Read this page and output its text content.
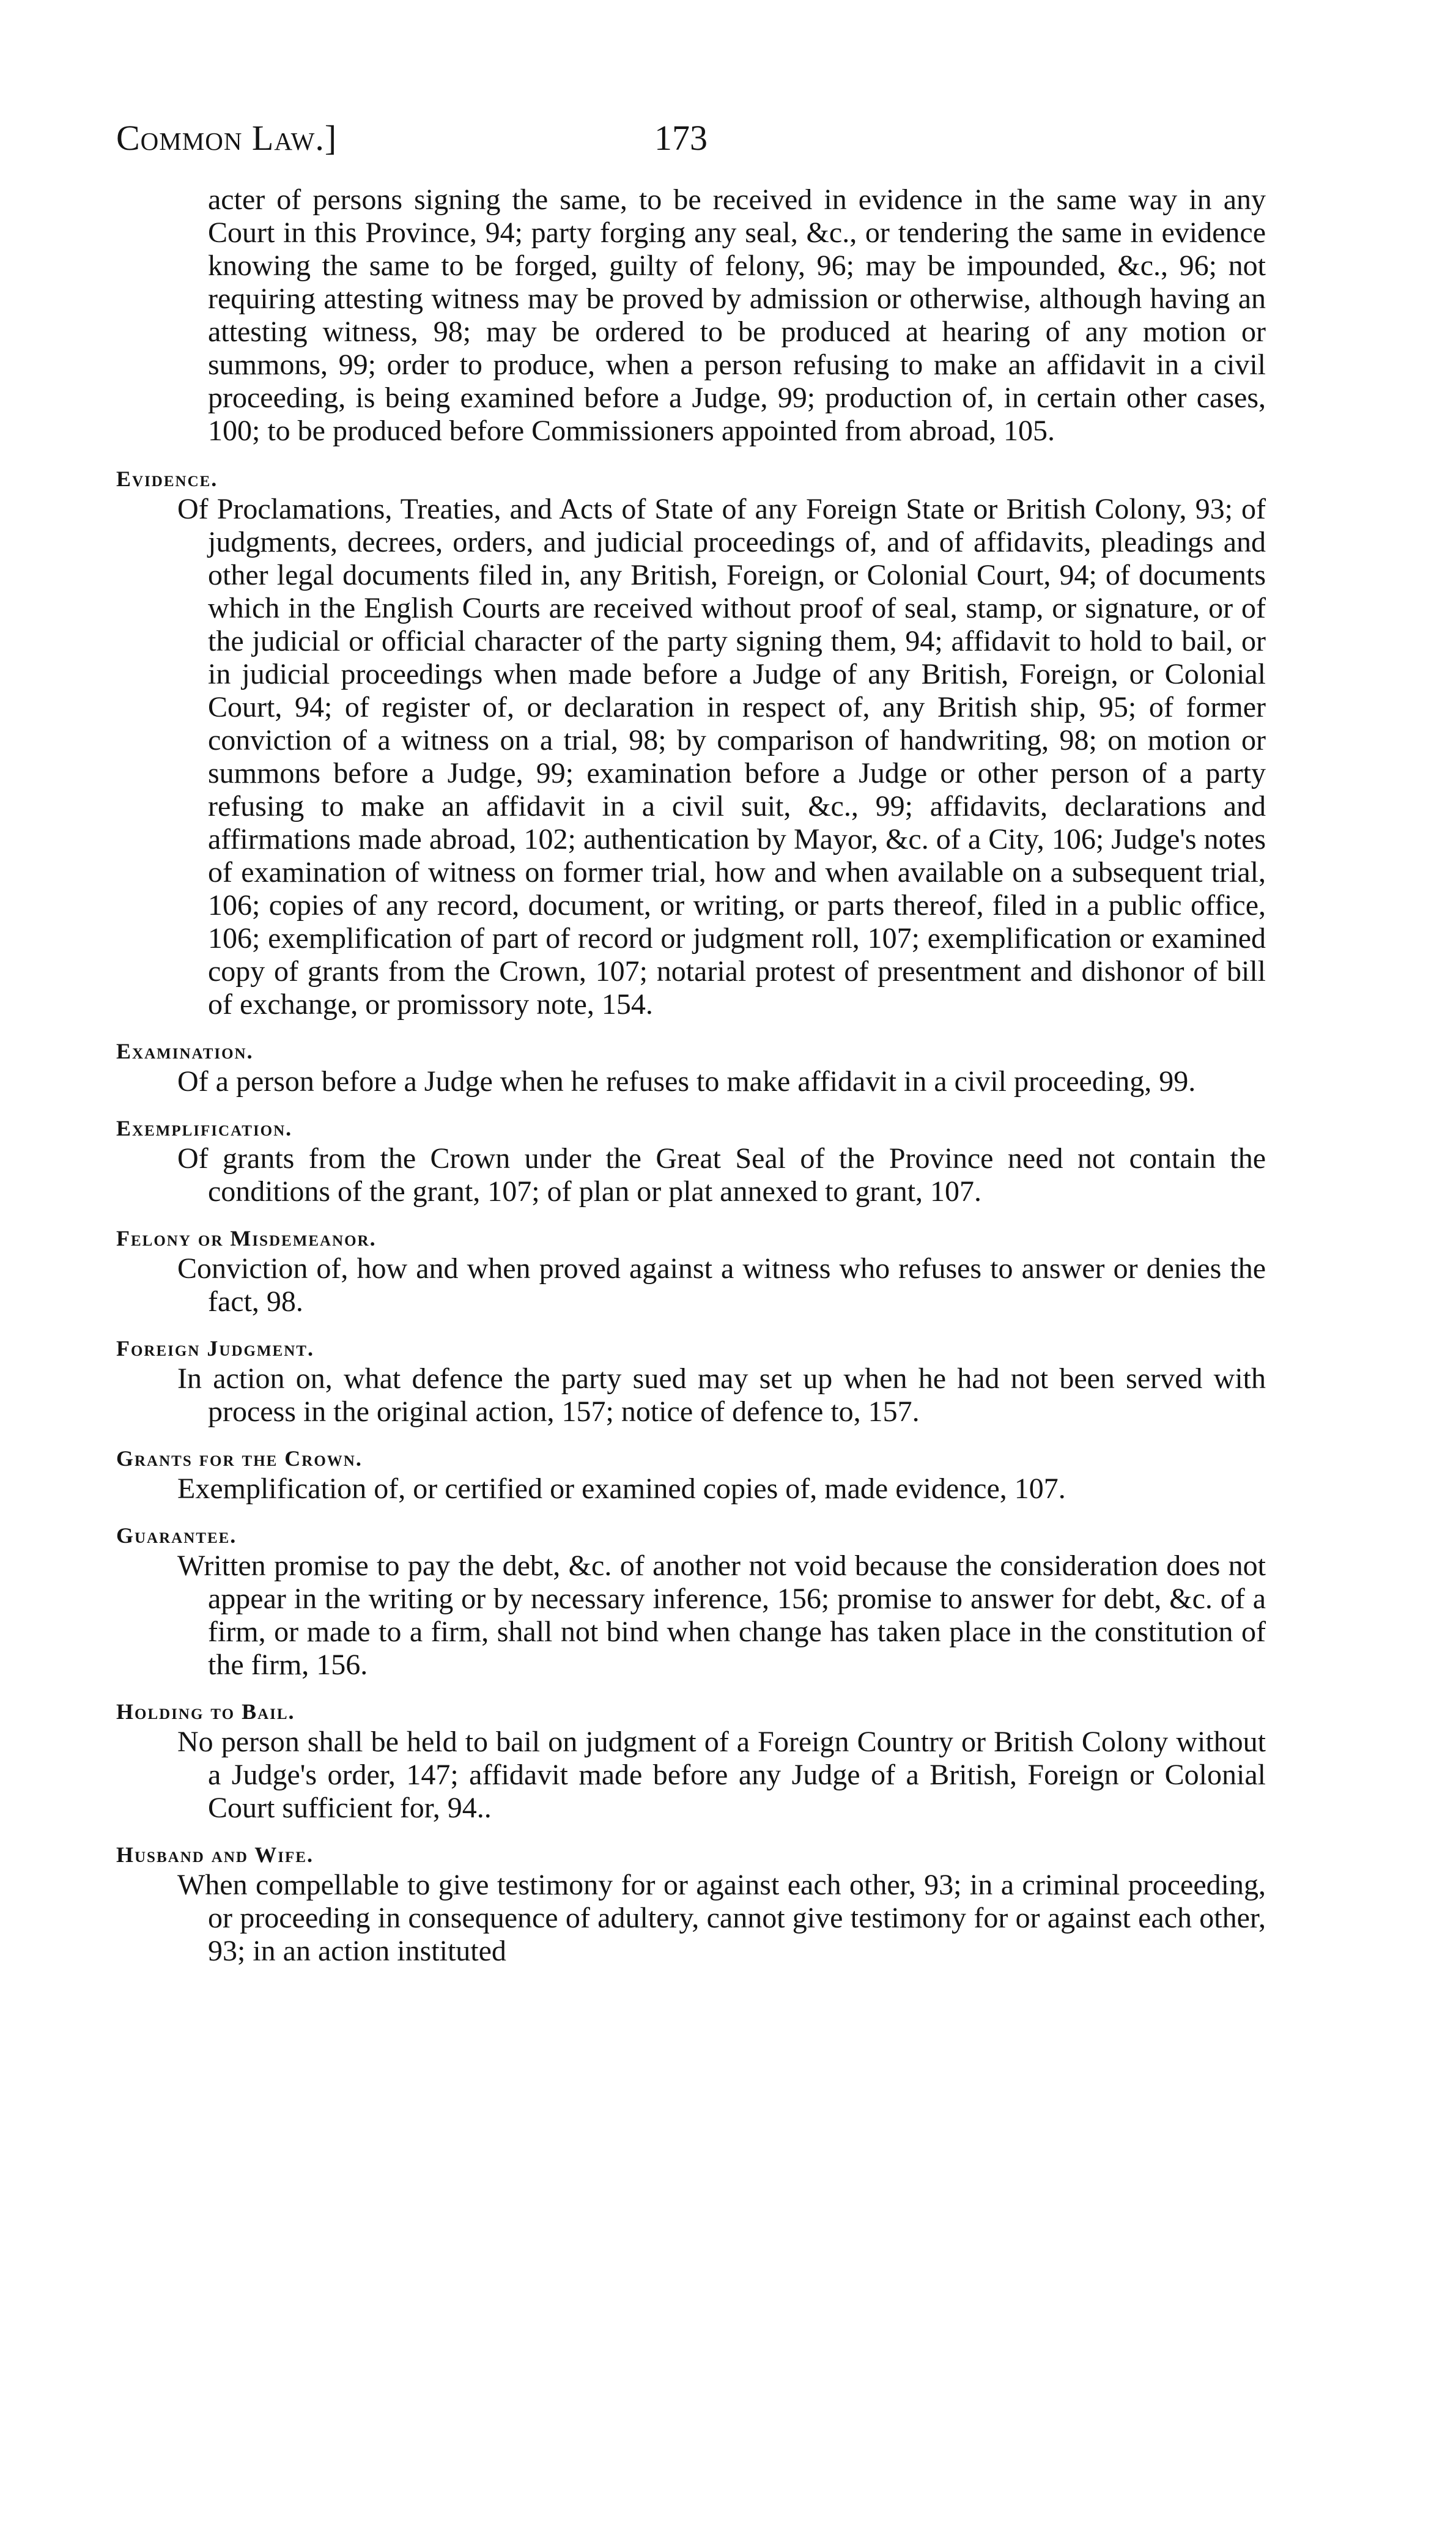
Common Law.]	173

acter of persons signing the same, to be received in evidence in the same way in any Court in this Province, 94; party forging any seal, &c., or tendering the same in evidence knowing the same to be forged, guilty of felony, 96; may be impounded, &c., 96; not requiring attesting witness may be proved by admission or otherwise, although having an attesting witness, 98; may be ordered to be produced at hearing of any motion or summons, 99; order to produce, when a person refusing to make an affidavit in a civil proceeding, is being examined before a Judge, 99; production of, in certain other cases, 100; to be produced before Commissioners appointed from abroad, 105.

Evidence.
Of Proclamations, Treaties, and Acts of State of any Foreign State or British Colony, 93; of judgments, decrees, orders, and judicial proceedings of, and of affidavits, pleadings and other legal documents filed in, any British, Foreign, or Colonial Court, 94; of documents which in the English Courts are received without proof of seal, stamp, or signature, or of the judicial or official character of the party signing them, 94; affidavit to hold to bail, or in judicial proceedings when made before a Judge of any British, Foreign, or Colonial Court, 94; of register of, or declaration in respect of, any British ship, 95; of former conviction of a witness on a trial, 98; by comparison of handwriting, 98; on motion or summons before a Judge, 99; examination before a Judge or other person of a party refusing to make an affidavit in a civil suit, &c., 99; affidavits, declarations and affirmations made abroad, 102; authentication by Mayor, &c. of a City, 106; Judge's notes of examination of witness on former trial, how and when available on a subsequent trial, 106; copies of any record, document, or writing, or parts thereof, filed in a public office, 106; exemplification of part of record or judgment roll, 107; exemplification or examined copy of grants from the Crown, 107; notarial protest of presentment and dishonor of bill of exchange, or promissory note, 154.
Examination.
Of a person before a Judge when he refuses to make affidavit in a civil proceeding, 99.
Exemplification.
Of grants from the Crown under the Great Seal of the Province need not contain the conditions of the grant, 107; of plan or plat annexed to grant, 107.
Felony or Misdemeanor.
Conviction of, how and when proved against a witness who refuses to answer or denies the fact, 98.
Foreign Judgment.
In action on, what defence the party sued may set up when he had not been served with process in the original action, 157; notice of defence to, 157.
Grants for the Crown.
Exemplification of, or certified or examined copies of, made evidence, 107.
Guarantee.
Written promise to pay the debt, &c. of another not void because the consideration does not appear in the writing or by necessary inference, 156; promise to answer for debt, &c. of a firm, or made to a firm, shall not bind when change has taken place in the constitution of the firm, 156.
Holding to Bail.
No person shall be held to bail on judgment of a Foreign Country or British Colony without a Judge's order, 147; affidavit made before any Judge of a British, Foreign or Colonial Court sufficient for, 94..
Husband and Wife.
When compellable to give testimony for or against each other, 93; in a criminal proceeding, or proceeding in consequence of adultery, cannot give testimony for or against each other, 93; in an action instituted
